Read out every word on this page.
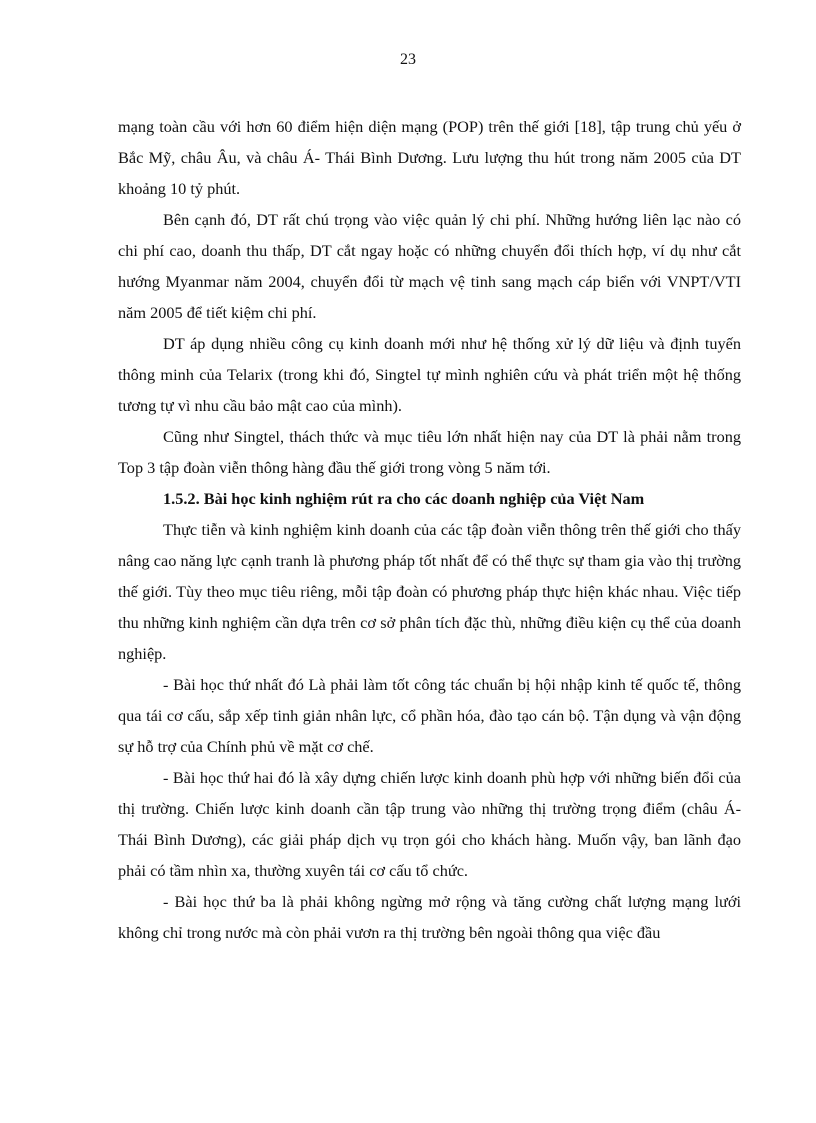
23

mạng toàn cầu với hơn 60 điểm hiện diện mạng (POP) trên thế giới [18], tập trung chủ yếu ở Bắc Mỹ, châu Âu, và châu Á- Thái Bình Dương. Lưu lượng thu hút trong năm 2005 của DT khoảng 10 tỷ phút.

Bên cạnh đó, DT rất chú trọng vào việc quản lý chi phí. Những hướng liên lạc nào có chi phí cao, doanh thu thấp, DT cắt ngay hoặc có những chuyển đổi thích hợp, ví dụ như cắt hướng Myanmar năm 2004, chuyển đổi từ mạch vệ tinh sang mạch cáp biển với VNPT/VTI năm 2005 để tiết kiệm chi phí.

DT áp dụng nhiều công cụ kinh doanh mới như hệ thống xử lý dữ liệu và định tuyến thông minh của Telarix (trong khi đó, Singtel tự mình nghiên cứu và phát triển một hệ thống tương tự vì nhu cầu bảo mật cao của mình).

Cũng như Singtel, thách thức và mục tiêu lớn nhất hiện nay của DT là phải nằm trong Top 3 tập đoàn viễn thông hàng đầu thế giới trong vòng 5 năm tới.

1.5.2. Bài học kinh nghiệm rút ra cho các doanh nghiệp của Việt Nam

Thực tiễn và kinh nghiệm kinh doanh của các tập đoàn viễn thông trên thế giới cho thấy nâng cao năng lực cạnh tranh là phương pháp tốt nhất để có thể thực sự tham gia vào thị trường thế giới. Tùy theo mục tiêu riêng, mỗi tập đoàn có phương pháp thực hiện khác nhau. Việc tiếp thu những kinh nghiệm cần dựa trên cơ sở phân tích đặc thù, những điều kiện cụ thể của doanh nghiệp.

- Bài học thứ nhất đó Là phải làm tốt công tác chuẩn bị hội nhập kinh tế quốc tế, thông qua tái cơ cấu, sắp xếp tinh giản nhân lực, cổ phần hóa, đào tạo cán bộ. Tận dụng và vận động sự hỗ trợ của Chính phủ về mặt cơ chế.

- Bài học thứ hai đó là xây dựng chiến lược kinh doanh phù hợp với những biến đổi của thị trường. Chiến lược kinh doanh cần tập trung vào những thị trường trọng điểm (châu Á- Thái Bình Dương), các giải pháp dịch vụ trọn gói cho khách hàng. Muốn vậy, ban lãnh đạo phải có tầm nhìn xa, thường xuyên tái cơ cấu tổ chức.

- Bài học thứ ba là phải không ngừng mở rộng và tăng cường chất lượng mạng lưới không chỉ trong nước mà còn phải vươn ra thị trường bên ngoài thông qua việc đầu
